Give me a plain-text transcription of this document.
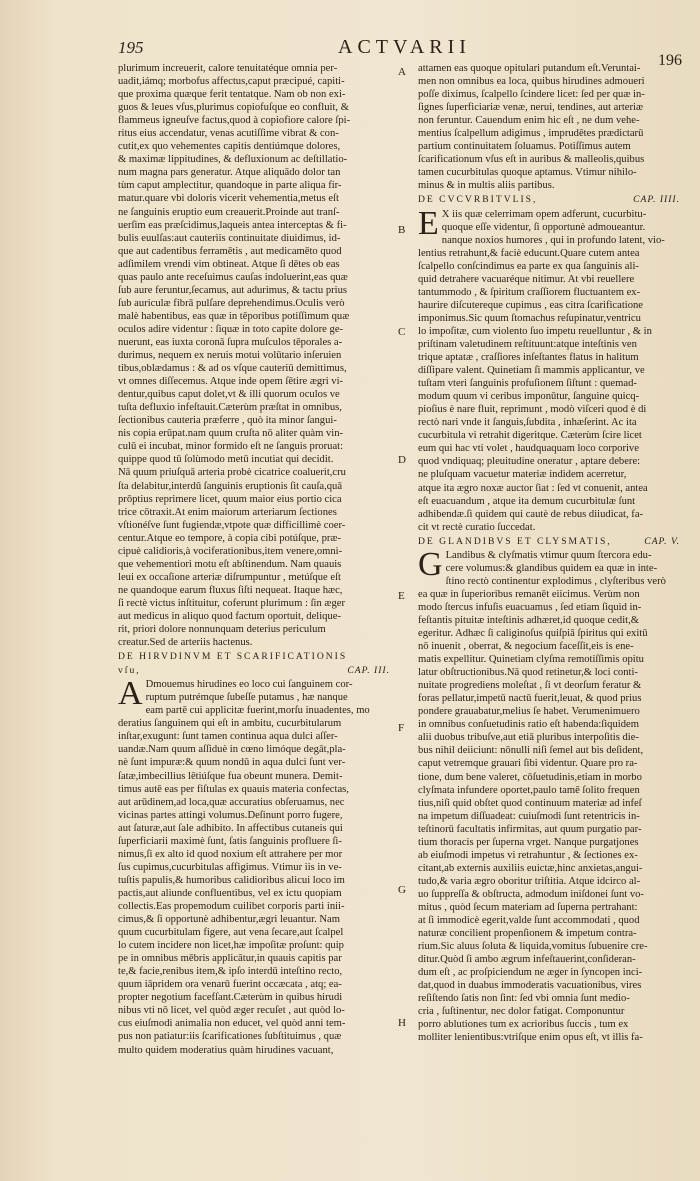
195	ACTVARII
196
plurimum increuerit, calore tenuitatéque omnia per-
uadit,iámq; morbofus affectus,caput præcipué, capiti-
que proxima quæque ferit tentatque. Nam ob non exi-
guos & leues vſus,plurimus copiofuſque eo confluit, &
flammeus igneuſve factus,quod à copiofiore calore ſpi-
ritus eius accendatur, venas acutiſſime vibrat & con-
cutit,ex quo vehementes capitis dentiúmque dolores,
& maximæ lippitudines, & defluxionum ac deſtillatio-
num magna pars generatur. Atque aliquādo dolor tan
tùm caput amplectitur, quandoque in parte aliqua fir-
matur.quare vbi doloris vicerit vehementia,metus eſt
ne ſanguinis eruptio eum creauerit.Proinde aut tranſ-
uerſim eas præſcidimus,laqueis antea interceptas & fi-
bulis euulſas:aut cauteriis continuitate diuidimus, id-
que aut cadentibus ferramētis , aut medicamēto quod
adſimilem vrendi vim obtineat. Atque ſi dētes ob eas
quas paulo ante receſuimus cauſas indoluerint,eas quæ
ſub aure feruntur,ſecamus, aut adurimus, & tactu prius
ſub auriculæ fibrā pulſare deprehendimus.Oculis verò
malè habentibus, eas quæ in tēporibus potiſſimum quæ
oculos adire videntur : ſiquæ in toto capite dolore ge-
nuerunt, eas iuxta coronā ſupra muſculos tēporales a-
durimus, nequem ex neruis motui volūtario inſeruien
tibus,oblædamus : & ad os vſque cauteriū demittimus,
vt omnes diſſecemus. Atque inde opem ſētire ægri vi-
dentur,quibus caput dolet,vt & illi quorum oculos ve
tuſta defluxio infeſtauit.Cæterùm præſtat in omnibus,
ſectionibus cauteria præferre , quò ita minor ſangui-
nis copia erūpat.nam quum cruſta nō aliter quàm vin-
culū ei incubat, minor formido eſt ne ſanguis proruat:
quippe quod tū ſolùmodo metū incutiat qui decidit.
Nā quum priuſquā arteria probè cicatrice coaluerit,cru
ſta delabitur,interdū ſanguinis eruptionis ſit cauſa,quā
prōptius reprimere licet, quum maior eius portio cica
trice cōtraxit.At enim maiorum arteriarum ſectiones
vſtionéſve ſunt fugiendæ,vtpote quæ difficillimè coer-
centur.Atque eo tempore, à copia cibi potúſque, præ-
cipuè calidioris,à vociferationibus,item venere,omni-
que vehementiori motu eſt abſtinendum. Nam quauis
leui ex occaſione arteriæ diſrumpuntur , metúſque eſt
ne quandoque earum fluxus ſiſti nequeat. Itaque hæc,
ſi rectè victus inſtituitur, coferunt plurimum : ſin æger
aut medicus in aliquo quod factum oportuit, delique-
rit, priori dolore nonnunquam deterius periculum
creatur.Sed de arteriis hactenus.
DE HIRVDINVM ET SCARIFICATIONIS
vſu,	CAP. III.
A Dmouemus hirudines eo loco cui ſanguinem cor-
ruptum putrémque ſubeſſe putamus , hæ nanque
eam partē cui applicitæ fuerint,morſu inuadentes, mo
deratius ſanguinem qui eſt in ambitu, cucurbitularum
inſtar,exugunt: ſunt tamen continua aqua dulci aſſer-
uandæ.Nam quum aſſiduè in cœno limóque degāt,pla-
nè ſunt impuræ:& quum nondū in aqua dulci ſunt ver-
ſatæ,imbecillius lētiúſque fua obeunt munera. Demit-
timus autē eas per fiſtulas ex quauis materia confectas,
aut arūdinem,ad loca,quæ accuratius obſeruamus, nec
vicinas partes attingi volumus.Deſinunt porro fugere,
aut ſaturæ,aut ſale adhibito. In affectibus cutaneis qui
ſuperficiarii maximè ſunt, ſatis ſanguinis profluere ſi-
nimus,ſi ex alto id quod noxium eſt attrahere per mor
ſus cupimus,cucurbitulas affigimus. Vtimur iis in ve-
tuſtis papulis,& humoribus calidioribus alicui loco im
pactis,aut aliunde confluentibus, vel ex ictu quopiam
collectis.Eas propemodum cuilibet corporis parti inii-
cimus,& ſi opportunè adhibentur,ægri leuantur. Nam
quum cucurbitulam figere, aut vena ſecare,aut ſcalpel
lo cutem incidere non licet,hæ impoſitæ proſunt: quip
pe in omnibus mēbris applicātur,in quauis capitis par
te,& facie,renibus item,& ipſo interdū inteſtino recto,
quum iāpridem ora venarū fuerint occæcata , atq; ea-
propter negotium facefſant.Cæterùm in quibus hirudi
nibus vti nō licet, vel quòd æger recuſet , aut quòd lo-
cus eiuſmodi animalia non educet, vel quòd anni tem-
pus non patiatur:iis ſcarificationes ſubſtituimus , quæ
multo quidem moderatius quàm hirudines vacuant,
A
B
C
D
E
F
G
H
attamen eas quoque opitulari putandum eſt.Veruntai-
men non omnibus ea loca, quibus hirudines admoueri
poſſe diximus, ſcalpello ſcindere licet: ſed per quæ in-
ſignes ſuperficiariæ venæ, nerui, tendines, aut arteriæ
non feruntur. Cauendum enim hic eſt , ne dum vehe-
mentius ſcalpellum adigimus , imprudētes prædictarū
partium continuitatem ſoluamus. Potiſſimus autem
ſcarificationum vſus eſt in auribus & malleolis,quibus
tamen cucurbitulas quoque aptamus. Vtimur nihilo-
minus & in multis aliis partibus.
DE CVCVRBITVLIS,	CAP. IIII.
E X iis quæ celerrimam opem adferunt, cucurbitu-
quoque eſſe videntur, ſi opportunè admoueantur.
nanque noxios humores , qui in profundo latent, vio-
lentius retrahunt,& faciè educunt.Quare cutem antea
ſcalpello conſcindimus ea parte ex qua ſanguinis ali-
quid detrahere vacuaréque nitimur. At vbi reuellere
tantummodo , & ſpiritum craſſiorem fluctuantem ex-
haurire diſcutereque cupimus , eas citra ſcarificatione
imponimus.Sic quum ſtomachus reſupinatur,ventricu
lo impoſitæ, cum violento ſuo impetu reuelluntur , & in
priſtinam valetudinem reſtituunt:atque inteſtinis ven
trique aptatæ , craſſiores inſeſtantes flatus in halitum
diſſipare valent. Quinetiam ſi mammis applicantur, ve
tuſtam vteri ſanguinis profuſionem ſiſtunt : quemad-
modum quum vi ceribus imponūtur, ſanguine quicq-
pioſius è nare fluit, reprimunt , modò viſceri quod è di
rectò nari vnde it ſanguis,ſubdita , inhæſerint. Ac ita
cucurbitula vi retrahit digeritque. Cæterùm ſcire licet
eum qui hac vti volet , haudquaquam loco corporive
quod vndiquaq; pleuitudine oneratur , aptare debere:
ne pluſquam vacuetur materiæ indidem acerretur,
atque ita ægro noxæ auctor ſiat : ſed vt conuenit, antea
eſt euacuandum , atque ita demum cucurbitulæ ſunt
adhibendæ.ſi quidem qui cautè de rebus diiudicat, fa-
cit vt rectè curatio ſuccedat.
DE GLANDIBVS ET CLYSMATIS,	CAP. V.
G Landibus & clyſmatis vtimur quum ſtercora edu-
cere volumus:& glandibus quidem ea quæ in inte-
ſtino rectò continentur explodimus , clyſteribus verò
ea quæ in ſuperioribus remanēt eiicimus. Verùm non
modo ſtercus infuſis euacuamus , ſed etiam ſiquid in-
feſtantis pituitæ inteſtinis adhæret,id quoque cedit,&
egeritur. Adhæc ſi caliginoſus quiſpiā ſpiritus qui exitū
nō inuenit , oberrat, & negocium faceſſit,eis is ene-
matis expellitur. Quinetiam clyſma remotiſſimis opitu
latur obſtructionibus.Nā quod retinetur,& loci conti-
nuitate progrediens moleſtat , ſi vt deorſum feratur &
foras pellatur,impetū nactū fuerit,leuat, & quod prius
pondere grauabatur,melius ſe habet. Verumenimuero
in omnibus conſuetudinis ratio eſt habenda:ſiquidem
alii duobus tribuſve,aut etiā pluribus interpoſitis die-
bus nihil deiiciunt: nōnulli niſi ſemel aut bis deſident,
caput vetremque grauari ſibi videntur. Quare pro ra-
tione, dum bene valeret, cōſuetudinis,etiam in morbo
clyſmata infundere oportet,paulo tamē ſolito frequen
tius,niſi quid obſtet quod continuum materiæ ad infeſ
na impetum diſſuadeat: cuiuſmodi ſunt retentricis in-
teſtinorū facultatis infirmitas, aut quum purgatio par-
tium thoracis per ſuperna vrget. Nanque purgatjones
ab eiuſmodi impetus vi retrahuntur , & ſectiones ex-
citant,ab externis auxiliis euictæ,hinc anxietas,angui-
tudo,& varia ægro oboritur triſtitia. Atque idcirco al-
uo ſuppreſſa & obſtructa, admodum iniſdonei ſunt vo-
mitus , quòd ſecum materiam ad ſuperna pertrahant:
at ſi immodicè egerit,valde ſunt accommodati , quod
naturæ concilient propenſionem & impetum contra-
rium.Sic aluus ſoluta & liquida,vomitus ſubuenire cre-
ditur.Quòd ſi ambo ægrum infeſtauerint,conſideran-
dum eſt , ac proſpiciendum ne æger in ſyncopen inci-
dat,quod in duabus immoderatis vacuationibus, vires
reſiſtendo ſatis non ſint: ſed vbi omnia ſunt medio-
cria , ſuſtinentur, nec dolor fatigat. Componuntur
porro ablutiones tum ex acrioribus ſuccis , tum ex
molliter lenientibus:vtriſque enim opus eſt, vt illis fa-
